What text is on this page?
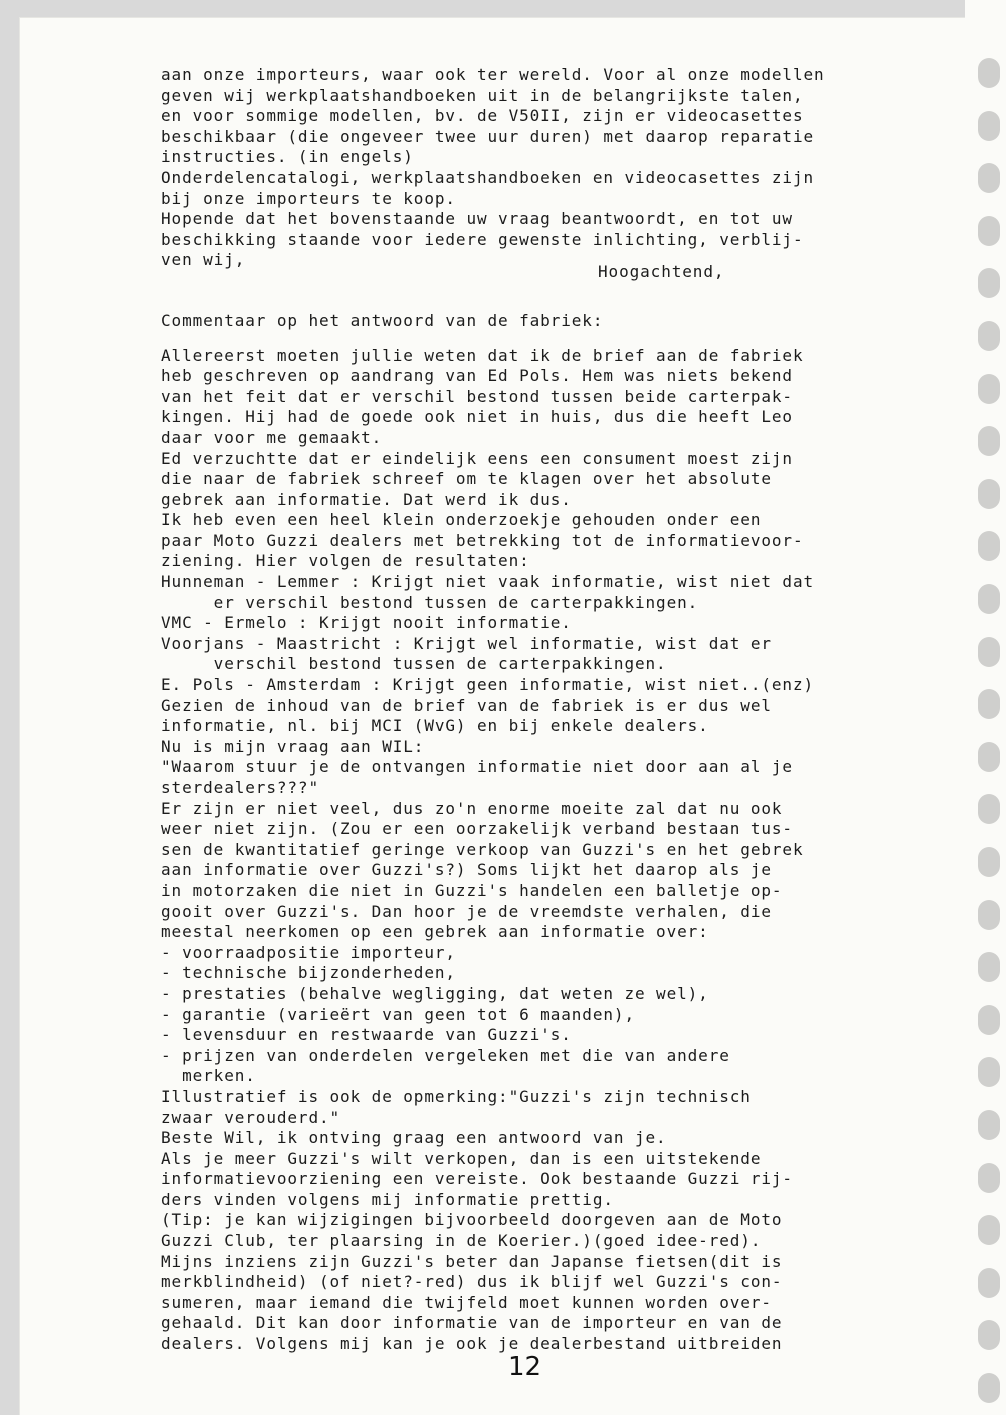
aan onze importeurs, waar ook ter wereld. Voor al onze modellen

geven wij werkplaatshandboeken uit in de belangrijkste talen,

en voor sommige modellen, bv. de V50II, zijn er videocasettes

beschikbaar (die ongeveer twee uur duren) met daarop reparatie

instructies. (in engels)

Onderdelencatalogi, werkplaatshandboeken en videocasettes zijn

bij onze importeurs te koop.

Hopende dat het bovenstaande uw vraag beantwoordt, en tot uw

beschikking staande voor iedere gewenste inlichting, verblij-

ven wij,

Commentaar op het antwoord van de fabriek:

Allereerst moeten jullie weten dat ik de brief aan de fabriek

heb geschreven op aandrang van Ed Pols. Hem was niets bekend

van het feit dat er verschil bestond tussen beide carterpak-

kingen. Hij had de goede ook niet in huis, dus die heeft Leo

daar voor me gemaakt.

Ed verzuchtte dat er eindelijk eens een consument moest zijn

die naar de fabriek schreef om te klagen over het absolute

gebrek aan informatie. Dat werd ik dus.

Ik heb even een heel klein onderzoekje gehouden onder een

paar Moto Guzzi dealers met betrekking tot de informatievoor-

ziening. Hier volgen de resultaten:

Hunneman - Lemmer : Krijgt niet vaak informatie, wist niet dat

er verschil bestond tussen de carterpakkingen.

VMC - Ermelo : Krijgt nooit informatie.

Voorjans - Maastricht : Krijgt wel informatie, wist dat er

verschil bestond tussen de carterpakkingen.

E. Pols - Amsterdam : Krijgt geen informatie, wist niet..(enz)

Gezien de inhoud van de brief van de fabriek is er dus wel

informatie, nl. bij MCI (WvG) en bij enkele dealers.

Nu is mijn vraag aan WIL:

"Waarom stuur je de ontvangen informatie niet door aan al je

sterdealers???"

Er zijn er niet veel, dus zo'n enorme moeite zal dat nu ook

weer niet zijn. (Zou er een oorzakelijk verband bestaan tus-

sen de kwantitatief geringe verkoop van Guzzi's en het gebrek

aan informatie over Guzzi's?) Soms lijkt het daarop als je

in motorzaken die niet in Guzzi's handelen een balletje op-

gooit over Guzzi's. Dan hoor je de vreemdste verhalen, die

meestal neerkomen op een gebrek aan informatie over:

- voorraadpositie importeur,

- technische bijzonderheden,

- prestaties (behalve wegligging, dat weten ze wel),

- garantie (varieërt van geen tot 6 maanden),

- levensduur en restwaarde van Guzzi's.

- prijzen van onderdelen vergeleken met die van andere

merken.

Illustratief is ook de opmerking:"Guzzi's zijn technisch

zwaar verouderd."

Beste Wil, ik ontving graag een antwoord van je.

Als je meer Guzzi's wilt verkopen, dan is een uitstekende

informatievoorziening een vereiste. Ook bestaande Guzzi rij-

ders vinden volgens mij informatie prettig.

(Tip: je kan wijzigingen bijvoorbeeld doorgeven aan de Moto

Guzzi Club, ter plaarsing in de Koerier.)(goed idee-red).

Mijns inziens zijn Guzzi's beter dan Japanse fietsen(dit is

merkblindheid) (of niet?-red) dus ik blijf wel Guzzi's con-

sumeren, maar iemand die twijfeld moet kunnen worden over-

gehaald. Dit kan door informatie van de importeur en van de

dealers. Volgens mij kan je ook je dealerbestand uitbreiden

Hoogachtend,
12
